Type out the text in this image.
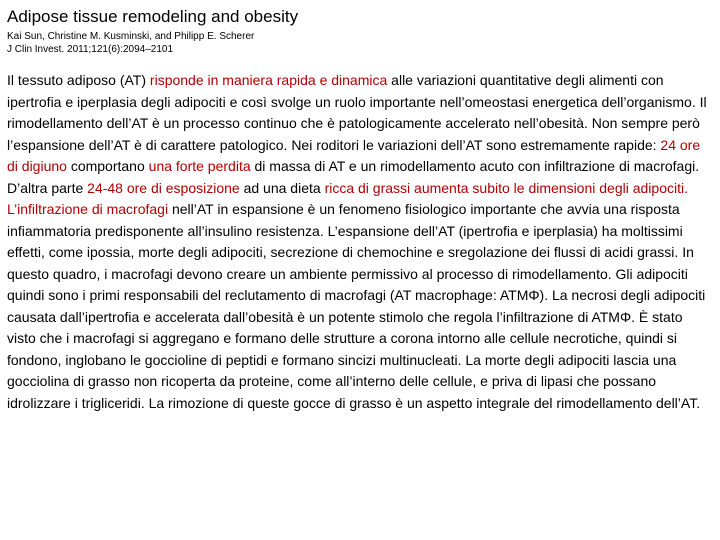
Adipose tissue remodeling and obesity
Kai Sun, Christine M. Kusminski, and Philipp E. Scherer
J Clin Invest. 2011;121(6):2094–2101

Il tessuto adiposo (AT) risponde in maniera rapida e dinamica alle variazioni quantitative degli alimenti con ipertrofia e iperplasia degli adipociti e così svolge un ruolo importante nell’omeostasi energetica dell’organismo. Il rimodellamento dell’AT è un processo continuo che è patologicamente accelerato nell’obesità. Non sempre però l’espansione dell’AT è di carattere patologico. Nei roditori le variazioni dell’AT sono estremamente rapide: 24 ore di digiuno comportano una forte perdita di massa di AT e un rimodellamento acuto con infiltrazione di macrofagi. D’altra parte 24-48 ore di esposizione ad una dieta ricca di grassi aumenta subito le dimensioni degli adipociti. L’infiltrazione di macrofagi nell’AT in espansione è un fenomeno fisiologico importante che avvia una risposta infiammatoria predisponente all’insulino resistenza. L’espansione dell’AT (ipertrofia e iperplasia) ha moltissimi effetti, come ipossia, morte degli adipociti, secrezione di chemochine e sregolazione dei flussi di acidi grassi. In questo quadro, i macrofagi devono creare un ambiente permissivo al processo di rimodellamento. Gli adipociti quindi sono i primi responsabili del reclutamento di macrofagi (AT macrophage: ATMΦ). La necrosi degli adipociti causata dall’ipertrofia e accelerata dall’obesità è un potente stimolo che regola l’infiltrazione di ATMΦ. È stato visto che i macrofagi si aggregano e formano delle strutture a corona intorno alle cellule necrotiche, quindi si fondono, inglobano le goccioline di peptidi e formano sincizi multinucleati. La morte degli adipociti lascia una gocciolina di grasso non ricoperta da proteine, come all’interno delle cellule, e priva di lipasi che possano idrolizzare i trigliceridi. La rimozione di queste gocce di grasso è un aspetto integrale del rimodellamento dell’AT.
